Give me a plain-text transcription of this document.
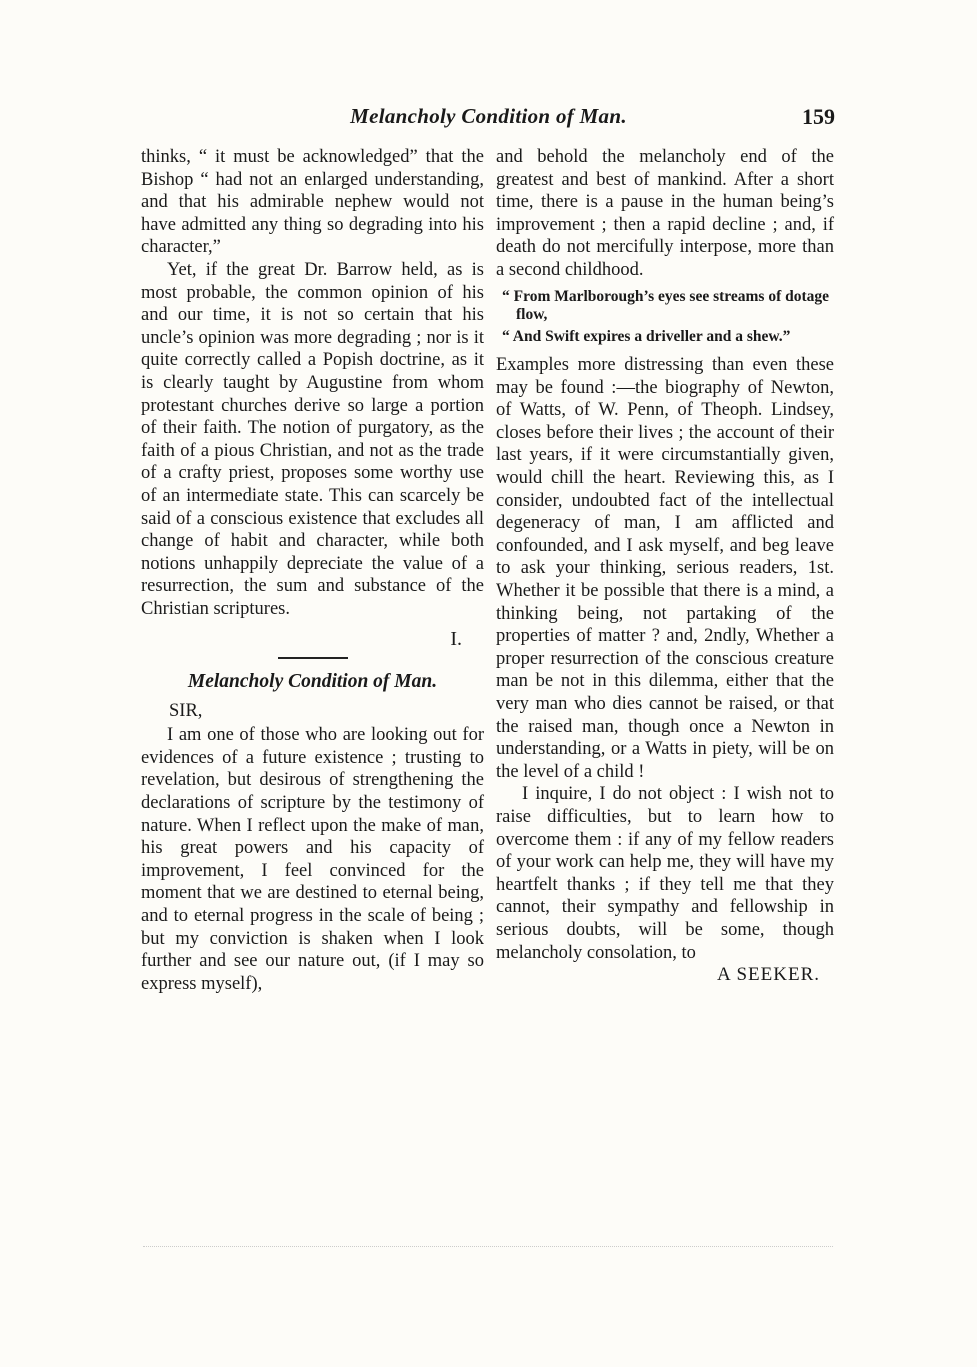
Melancholy Condition of Man.	159

thinks, “ it must be acknowledged” that the Bishop “ had not an enlarged understanding, and that his admirable nephew would not have admitted any thing so degrading into his character,”

Yet, if the great Dr. Barrow held, as is most probable, the common opinion of his and our time, it is not so certain that his uncle’s opinion was more degrading ; nor is it quite correctly called a Popish doctrine, as it is clearly taught by Augustine from whom protestant churches derive so large a portion of their faith. The notion of purgatory, as the faith of a pious Christian, and not as the trade of a crafty priest, proposes some worthy use of an intermediate state. This can scarcely be said of a conscious existence that excludes all change of habit and character, while both notions unhappily depreciate the value of a resurrection, the sum and substance of the Christian scriptures.

I.

Melancholy Condition of Man.

SIR,

I am one of those who are looking out for evidences of a future existence ; trusting to revelation, but desirous of strengthening the declarations of scripture by the testimony of nature. When I reflect upon the make of man, his great powers and his capacity of improvement, I feel convinced for the moment that we are destined to eternal being, and to eternal progress in the scale of being ; but my conviction is shaken when I look further and see our nature out, (if I may so express myself),

and behold the melancholy end of the greatest and best of mankind. After a short time, there is a pause in the human being’s improvement ; then a rapid decline ; and, if death do not mercifully interpose, more than a second childhood.

“ From Marlborough’s eyes see streams of dotage flow,

“ And Swift expires a driveller and a shew.”

Examples more distressing than even these may be found :—the biography of Newton, of Watts, of W. Penn, of Theoph. Lindsey, closes before their lives ; the account of their last years, if it were circumstantially given, would chill the heart. Reviewing this, as I consider, undoubted fact of the intellectual degeneracy of man, I am afflicted and confounded, and I ask myself, and beg leave to ask your thinking, serious readers, 1st. Whether it be possible that there is a mind, a thinking being, not partaking of the properties of matter ? and, 2ndly, Whether a proper resurrection of the conscious creature man be not in this dilemma, either that the very man who dies cannot be raised, or that the raised man, though once a Newton in understanding, or a Watts in piety, will be on the level of a child !

I inquire, I do not object : I wish not to raise difficulties, but to learn how to overcome them : if any of my fellow readers of your work can help me, they will have my heartfelt thanks ; if they tell me that they cannot, their sympathy and fellowship in serious doubts, will be some, though melancholy consolation, to

A SEEKER.
